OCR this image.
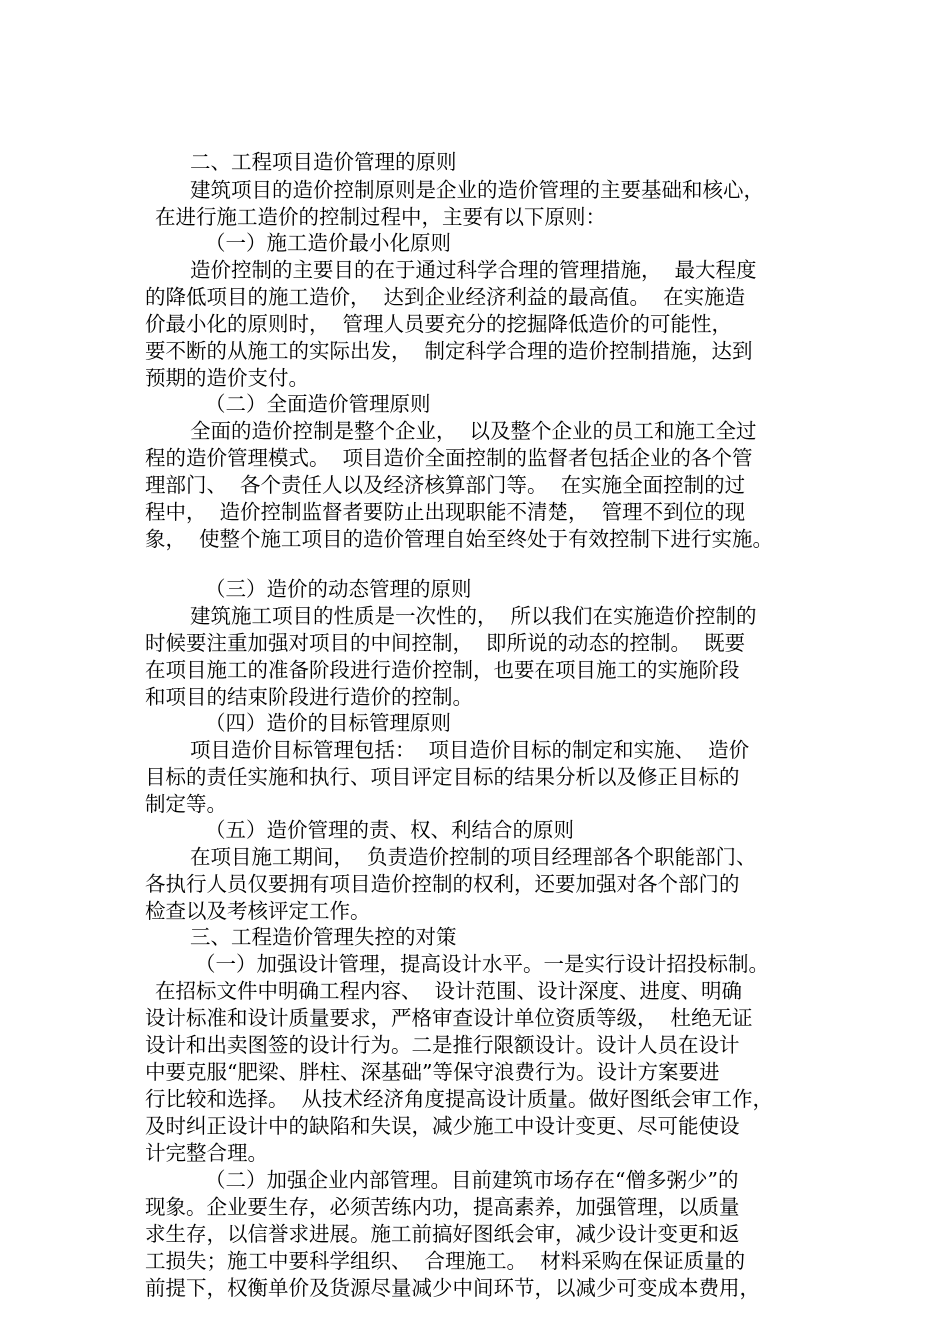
二、工程项目造价管理的原则
建筑项目的造价控制原则是企业的造价管理的主要基础和核心，
在进行施工造价的控制过程中，主要有以下原则：
（一）施工造价最小化原则
造价控制的主要目的在于通过科学合理的管理措施，  最大程度
的降低项目的施工造价，  达到企业经济利益的最高值。  在实施造
价最小化的原则时，  管理人员要充分的挖掘降低造价的可能性，
要不断的从施工的实际出发，  制定科学合理的造价控制措施，达到
预期的造价支付。
（二）全面造价管理原则
全面的造价控制是整个企业，  以及整个企业的员工和施工全过
程的造价管理模式。  项目造价全面控制的监督者包括企业的各个管
理部门、  各个责任人以及经济核算部门等。  在实施全面控制的过
程中，  造价控制监督者要防止出现职能不清楚，  管理不到位的现
象，  使整个施工项目的造价管理自始至终处于有效控制下进行实施。
（三）造价的动态管理的原则
建筑施工项目的性质是一次性的，  所以我们在实施造价控制的
时候要注重加强对项目的中间控制，  即所说的动态的控制。  既要
在项目施工的准备阶段进行造价控制，也要在项目施工的实施阶段
和项目的结束阶段进行造价的控制。
（四）造价的目标管理原则
项目造价目标管理包括：  项目造价目标的制定和实施、  造价
目标的责任实施和执行、项目评定目标的结果分析以及修正目标的
制定等。
（五）造价管理的责、权、利结合的原则
在项目施工期间，  负责造价控制的项目经理部各个职能部门、
各执行人员仅要拥有项目造价控制的权利，还要加强对各个部门的
检查以及考核评定工作。
三、工程造价管理失控的对策
（一）加强设计管理，提高设计水平。一是实行设计招投标制。
在招标文件中明确工程内容、  设计范围、设计深度、进度、明确
设计标准和设计质量要求，严格审查设计单位资质等级，  杜绝无证
设计和出卖图签的设计行为。二是推行限额设计。设计人员在设计
中要克服“肥梁、胖柱、深基础”等保守浪费行为。设计方案要进
行比较和选择。  从技术经济角度提高设计质量。做好图纸会审工作，
及时纠正设计中的缺陷和失误，减少施工中设计变更、尽可能使设
计完整合理。
（二）加强企业内部管理。目前建筑市场存在“僧多粥少”的
现象。企业要生存，必须苦练内功，提高素养，加强管理，以质量
求生存，以信誉求进展。施工前搞好图纸会审，减少设计变更和返
工损失；施工中要科学组织、  合理施工。  材料采购在保证质量的
前提下，权衡单价及货源尽量减少中间环节，以减少可变成本费用，
